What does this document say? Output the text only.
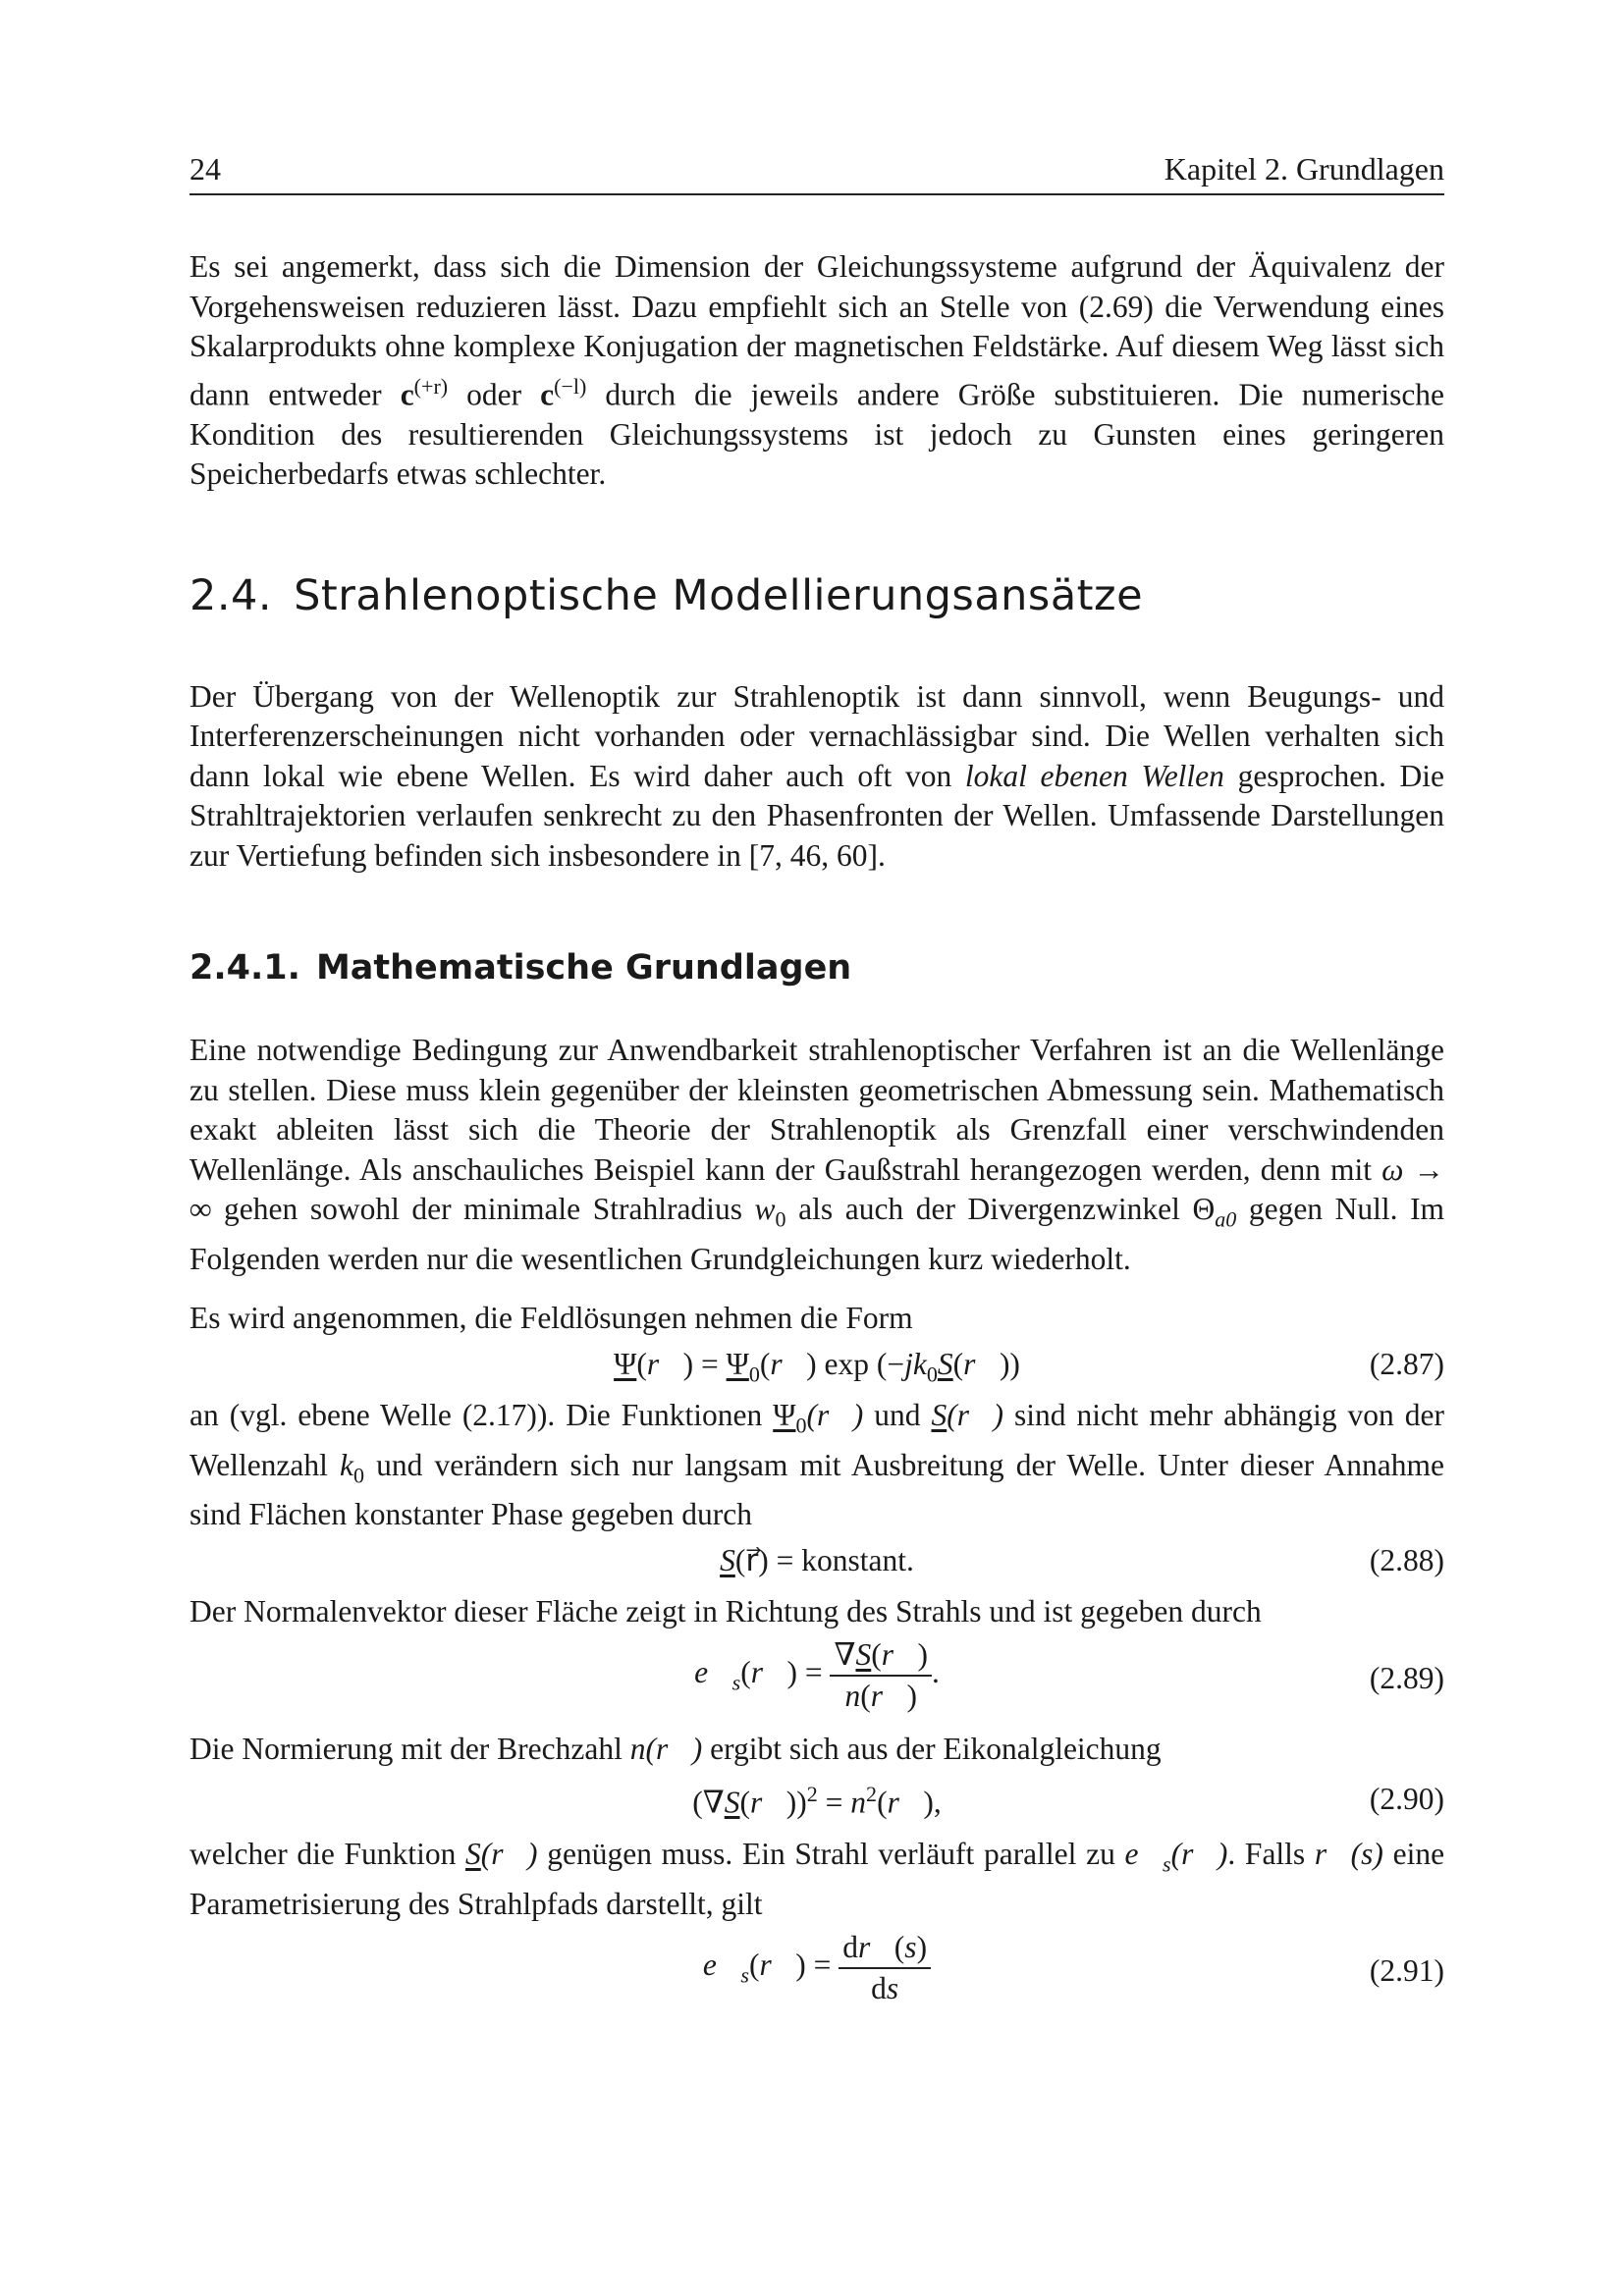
24	Kapitel 2. Grundlagen

Es sei angemerkt, dass sich die Dimension der Gleichungssysteme aufgrund der Äquivalenz der Vorgehensweisen reduzieren lässt. Dazu empfiehlt sich an Stelle von (2.69) die Verwendung eines Skalarprodukts ohne komplexe Konjugation der magnetischen Feldstärke. Auf diesem Weg lässt sich dann entweder $c^{(+r)}$ oder $c^{(-l)}$ durch die jeweils andere Größe substituieren. Die numerische Kondition des resultierenden Gleichungssystems ist jedoch zu Gunsten eines geringeren Speicherbedarfs etwas schlechter.

2.4. Strahlenoptische Modellierungsansätze

Der Übergang von der Wellenoptik zur Strahlenoptik ist dann sinnvoll, wenn Beugungs- und Interferenzerscheinungen nicht vorhanden oder vernachlässigbar sind. Die Wellen verhalten sich dann lokal wie ebene Wellen. Es wird daher auch oft von lokal ebenen Wellen gesprochen. Die Strahltrajektorien verlaufen senkrecht zu den Phasenfronten der Wellen. Umfassende Darstellungen zur Vertiefung befinden sich insbesondere in [7, 46, 60].

2.4.1. Mathematische Grundlagen

Eine notwendige Bedingung zur Anwendbarkeit strahlenoptischer Verfahren ist an die Wellenlänge zu stellen. Diese muss klein gegenüber der kleinsten geometrischen Abmessung sein. Mathematisch exakt ableiten lässt sich die Theorie der Strahlenoptik als Grenzfall einer verschwindenden Wellenlänge. Als anschauliches Beispiel kann der Gaußstrahl herangezogen werden, denn mit ω → ∞ gehen sowohl der minimale Strahlradius $w_0$ als auch der Divergenzwinkel $\Theta_{a0}$ gegen Null. Im Folgenden werden nur die wesentlichen Grundgleichungen kurz wiederholt.

Es wird angenommen, die Feldlösungen nehmen die Form

Ψ(r⃗) = $\Psi_0(r⃗)$ $\exp (-jk_0S(r⃗))$	(2.87)

an (vgl. ebene Welle (2.17)). Die Funktionen $\Psi_0(r⃗)$ und S(r⃗) sind nicht mehr abhängig von der Wellenzahl $k_0$ und verändern sich nur langsam mit Ausbreitung der Welle. Unter dieser Annahme sind Flächen konstanter Phase gegeben durch

S(r⃗) = konstant.	(2.88)

Der Normalenvektor dieser Fläche zeigt in Richtung des Strahls und ist gegeben durch

$e⃗_s(r⃗) = \frac{\nabla S(r⃗)}{n(r⃗)}$ .	(2.89)

Die Normierung mit der Brechzahl n(r⃗) ergibt sich aus der Eikonalgleichung

(∇S(r⃗))$^2$ = $n^2(r⃗)$,	(2.90)

welcher die Funktion S(r⃗) genügen muss. Ein Strahl verläuft parallel zu $e⃗_s(r⃗)$. Falls r⃗(s) eine Parametrisierung des Strahlpfads darstellt, gilt

$e⃗_s(r⃗) = \frac{dr⃗(s)}{ds}$	(2.91)
